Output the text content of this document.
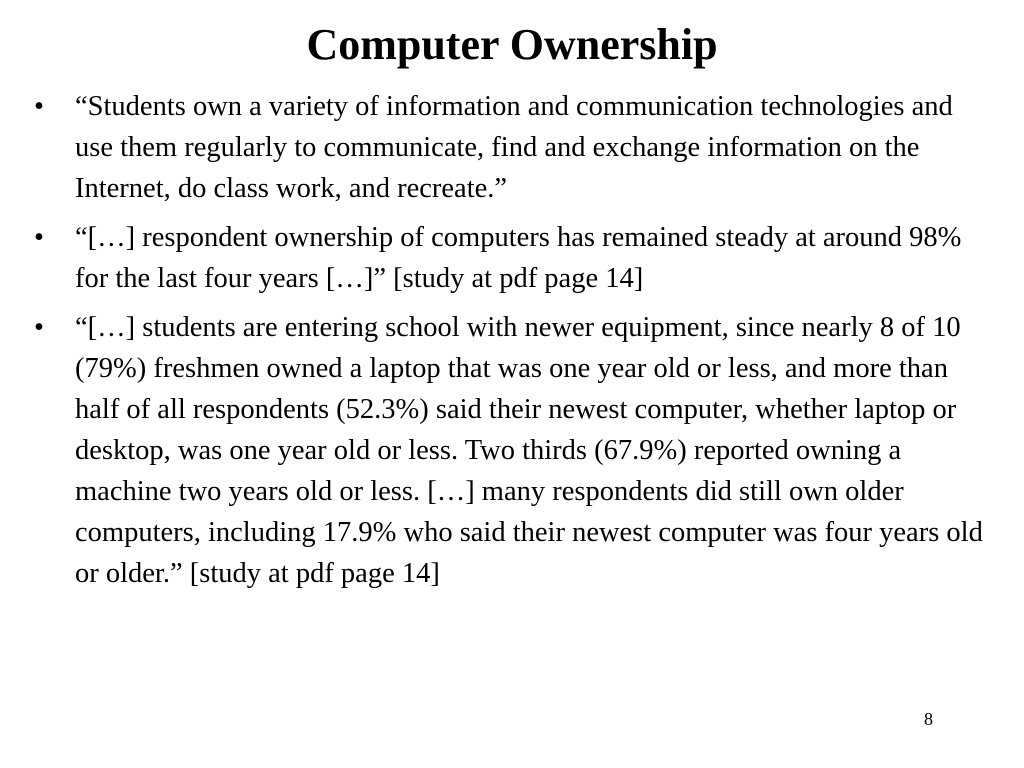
Computer Ownership
• “Students own a variety of information and communication technologies and use them regularly to communicate, find and exchange information on the Internet, do class work, and recreate.”
• “[…] respondent ownership of computers has remained steady at around 98% for the last four years […]” [study at pdf page 14]
• “[…] students are entering school with newer equipment, since nearly 8 of 10 (79%) freshmen owned a laptop that was one year old or less, and more than half of all respondents (52.3%) said their newest computer, whether laptop or desktop, was one year old or less. Two thirds (67.9%) reported owning a machine two years old or less. […] many respondents did still own older computers, including 17.9% who said their newest computer was four years old or older.” [study at pdf page 14]
8
